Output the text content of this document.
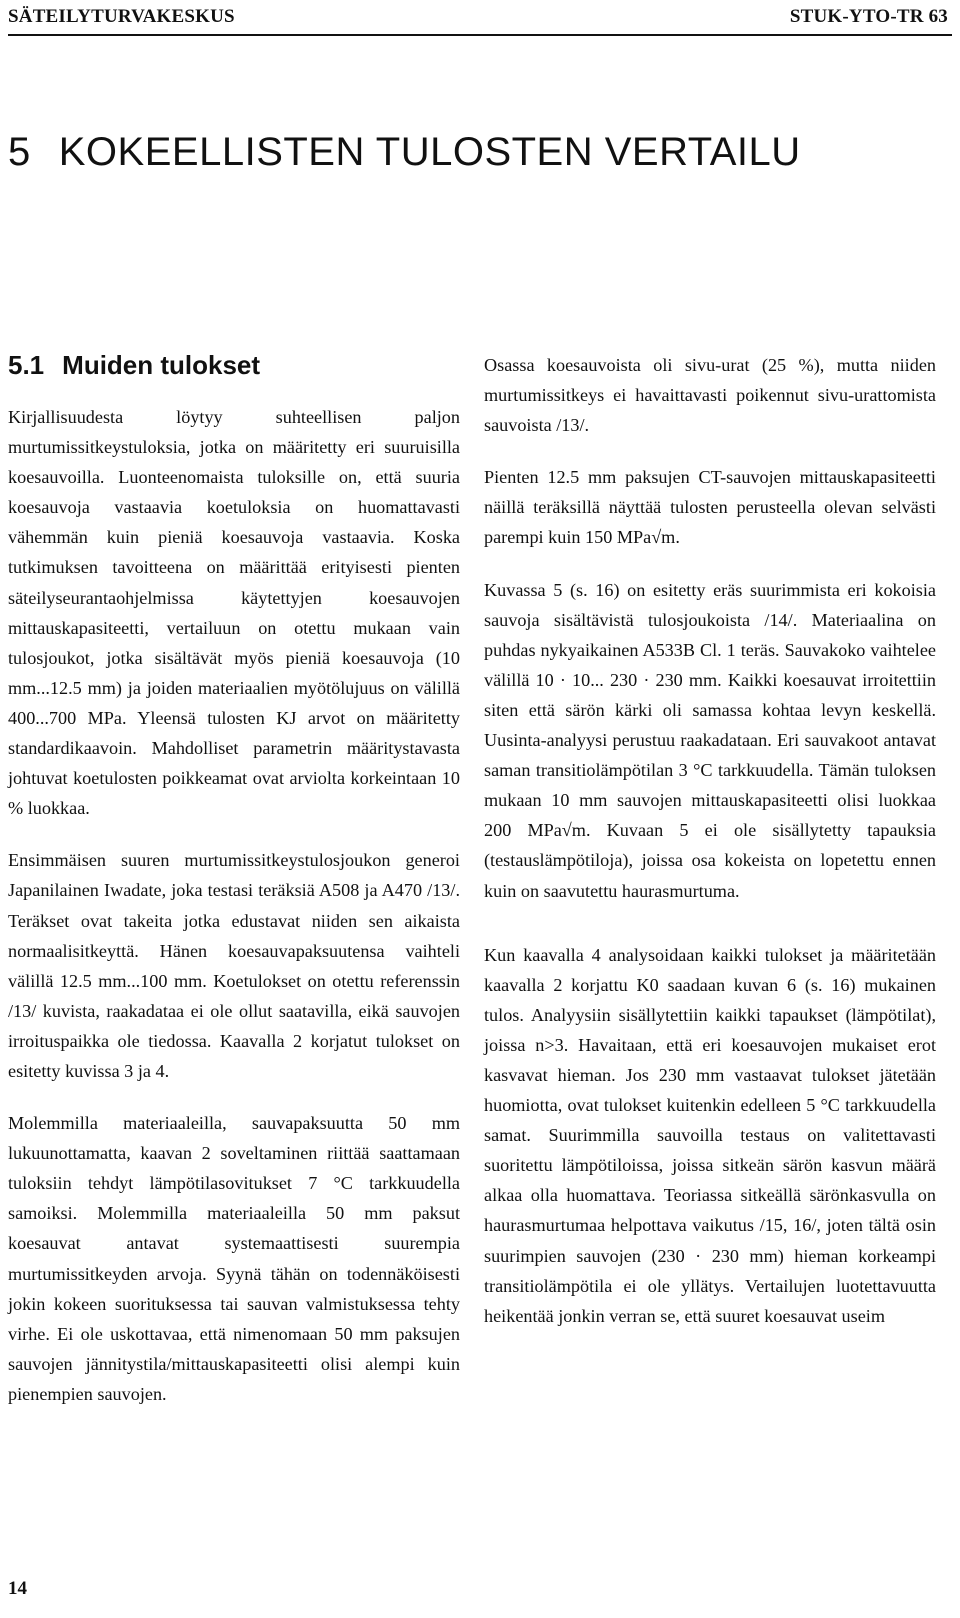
SÄTEILYTURVAKESKUS	STUK-YTO-TR 63
5 KOKEELLISTEN TULOSTEN VERTAILU
5.1 Muiden tulokset

Kirjallisuudesta löytyy suhteellisen paljon murtumissitkeystuloksia, jotka on määritetty eri suuruisilla koesauvoilla. Luonteenomaista tuloksille on, että suuria koesauvoja vastaavia koetuloksia on huomattavasti vähemmän kuin pieniä koesauvoja vastaavia. Koska tutkimuksen tavoitteena on määrittää erityisesti pienten säteilyseurantaohjelmissa käytettyjen koesauvojen mittauskapasiteetti, vertailuun on otettu mukaan vain tulosjoukot, jotka sisältävät myös pieniä koesauvoja (10 mm...12.5 mm) ja joiden materiaalien myötölujuus on välillä 400...700 MPa. Yleensä tulosten KJ arvot on määritetty standardikaavoin. Mahdolliset parametrin määritystavasta johtuvat koetulosten poikkeamat ovat arviolta korkeintaan 10 % luokkaa.

Ensimmäisen suuren murtumissitkeystulosjoukon generoi Japanilainen Iwadate, joka testasi teräksiä A508 ja A470 /13/. Teräkset ovat takeita jotka edustavat niiden sen aikaista normaalisitkeyttä. Hänen koesauvapaksuutensa vaihteli välillä 12.5 mm...100 mm. Koetulokset on otettu referenssin /13/ kuvista, raakadataa ei ole ollut saatavilla, eikä sauvojen irroituspaikka ole tiedossa. Kaavalla 2 korjatut tulokset on esitetty kuvissa 3 ja 4.

Molemmilla materiaaleilla, sauvapaksuutta 50 mm lukuunottamatta, kaavan 2 soveltaminen riittää saattamaan tuloksiin tehdyt lämpötilasovitukset 7 °C tarkkuudella samoiksi. Molemmilla materiaaleilla 50 mm paksut koesauvat antavat systemaattisesti suurempia murtumissitkeyden arvoja. Syynä tähän on todennäköisesti jokin kokeen suorituksessa tai sauvan valmistuksessa tehty virhe. Ei ole uskottavaa, että nimenomaan 50 mm paksujen sauvojen jännitystila/mittauskapasiteetti olisi alempi kuin pienempien sauvojen.

Osassa koesauvoista oli sivu-urat (25 %), mutta niiden murtumissitkeys ei havaittavasti poikennut sivu-urattomista sauvoista /13/.

Pienten 12.5 mm paksujen CT-sauvojen mittauskapasiteetti näillä teräksillä näyttää tulosten perusteella olevan selvästi parempi kuin 150 MPa√m.

Kuvassa 5 (s. 16) on esitetty eräs suurimmista eri kokoisia sauvoja sisältävistä tulosjoukoista /14/. Materiaalina on puhdas nykyaikainen A533B Cl. 1 teräs. Sauvakoko vaihtelee välillä 10 · 10... 230 · 230 mm. Kaikki koesauvat irroitettiin siten että särön kärki oli samassa kohtaa levyn keskellä. Uusinta-analyysi perustuu raakadataan. Eri sauvakoot antavat saman transitiolämpötilan 3 °C tarkkuudella. Tämän tuloksen mukaan 10 mm sauvojen mittauskapasiteetti olisi luokkaa 200 MPa√m. Kuvaan 5 ei ole sisällytetty tapauksia (testauslämpötiloja), joissa osa kokeista on lopetettu ennen kuin on saavutettu haurasmurtuma.

Kun kaavalla 4 analysoidaan kaikki tulokset ja määritetään kaavalla 2 korjattu K0 saadaan kuvan 6 (s. 16) mukainen tulos. Analyysiin sisällytettiin kaikki tapaukset (lämpötilat), joissa n>3. Havaitaan, että eri koesauvojen mukaiset erot kasvavat hieman. Jos 230 mm vastaavat tulokset jätetään huomiotta, ovat tulokset kuitenkin edelleen 5 °C tarkkuudella samat. Suurimmilla sauvoilla testaus on valitettavasti suoritettu lämpötiloissa, joissa sitkeän särön kasvun määrä alkaa olla huomattava. Teoriassa sitkeällä särönkasvulla on haurasmurtumaa helpottava vaikutus /15, 16/, joten tältä osin suurimpien sauvojen (230 · 230 mm) hieman korkeampi transitiolämpötila ei ole yllätys. Vertailujen luotettavuutta heikentää jonkin verran se, että suuret koesauvat useim

14
